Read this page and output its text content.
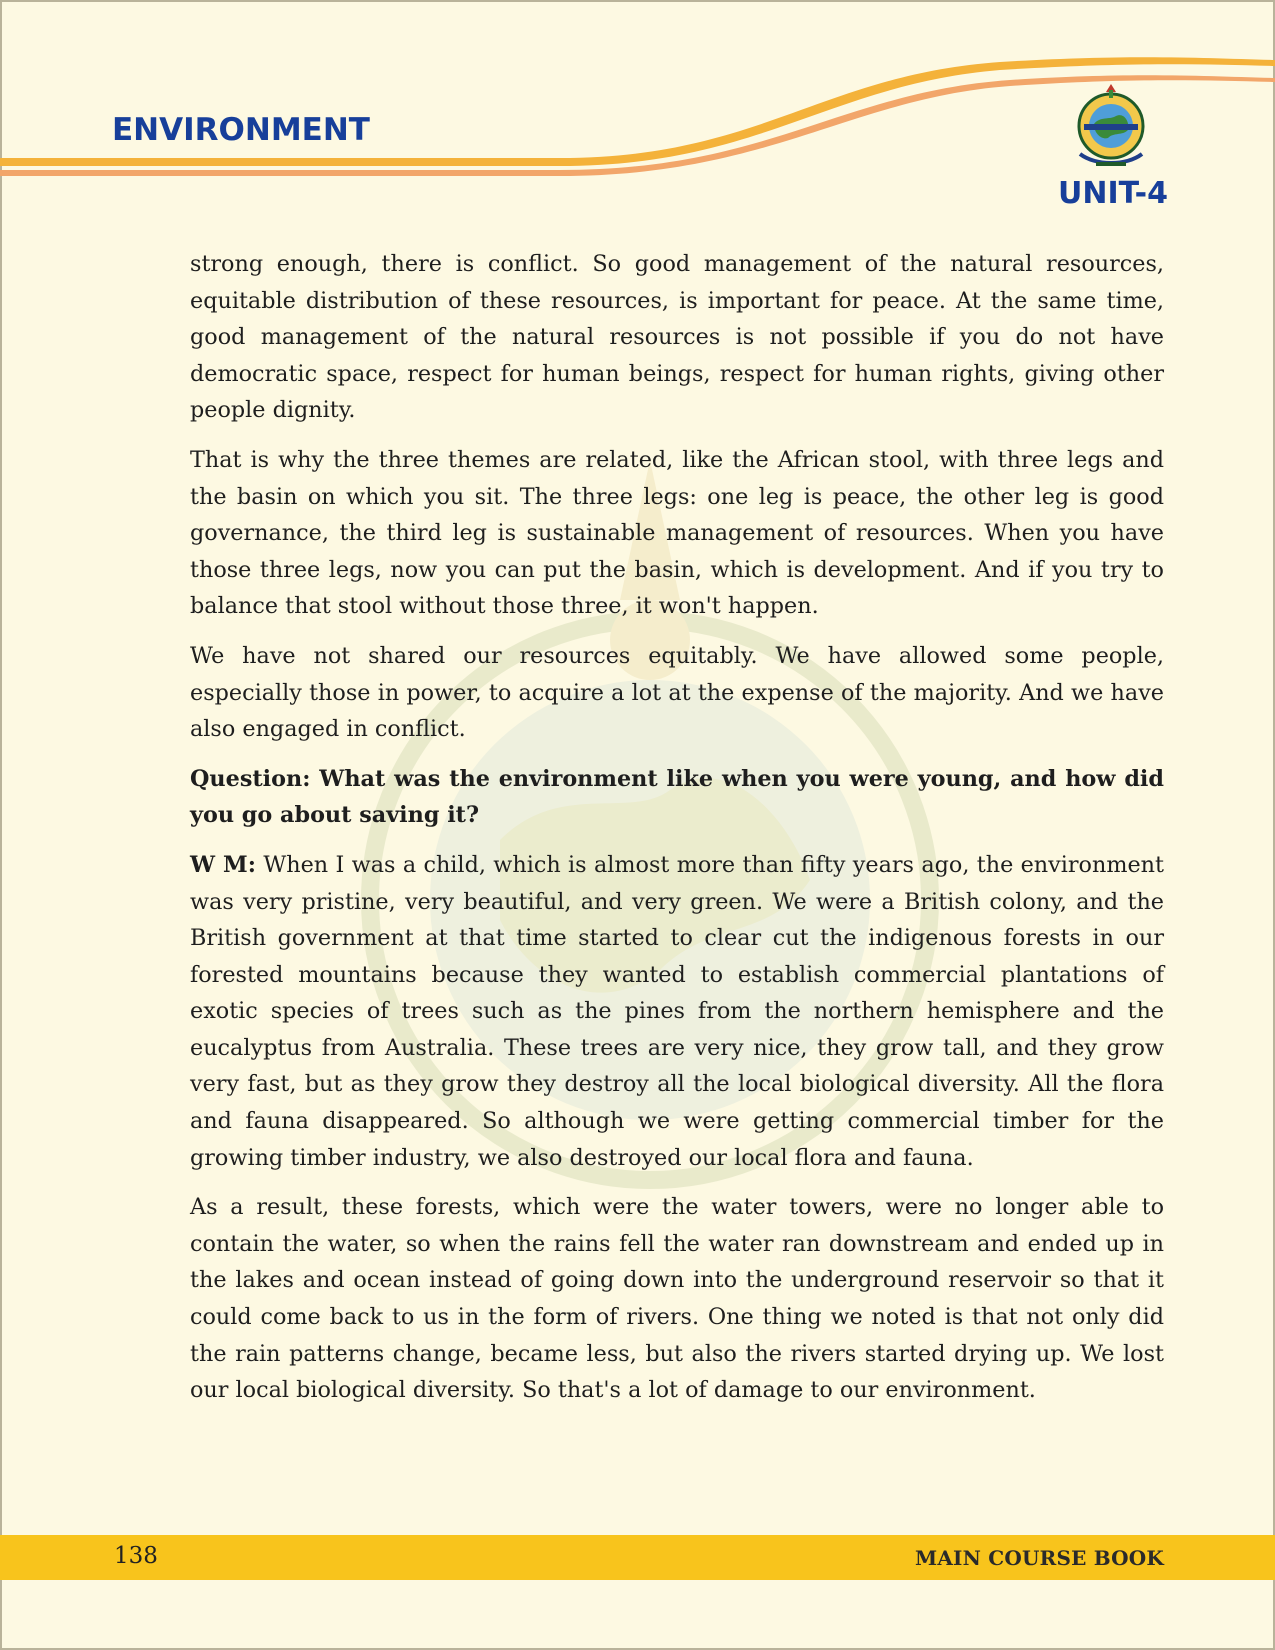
ENVIRONMENT
UNIT-4

strong enough, there is conflict. So good management of the natural resources, equitable distribution of these resources, is important for peace. At the same time, good management of the natural resources is not possible if you do not have democratic space, respect for human beings, respect for human rights, giving other people dignity.

That is why the three themes are related, like the African stool, with three legs and the basin on which you sit. The three legs: one leg is peace, the other leg is good governance, the third leg is sustainable management of resources. When you have those three legs, now you can put the basin, which is development. And if you try to balance that stool without those three, it won't happen.

We have not shared our resources equitably. We have allowed some people, especially those in power, to acquire a lot at the expense of the majority. And we have also engaged in conflict.

Question: What was the environment like when you were young, and how did you go about saving it?

W M: When I was a child, which is almost more than fifty years ago, the environment was very pristine, very beautiful, and very green. We were a British colony, and the British government at that time started to clear cut the indigenous forests in our forested mountains because they wanted to establish commercial plantations of exotic species of trees such as the pines from the northern hemisphere and the eucalyptus from Australia. These trees are very nice, they grow tall, and they grow very fast, but as they grow they destroy all the local biological diversity. All the flora and fauna disappeared. So although we were getting commercial timber for the growing timber industry, we also destroyed our local flora and fauna.

As a result, these forests, which were the water towers, were no longer able to contain the water, so when the rains fell the water ran downstream and ended up in the lakes and ocean instead of going down into the underground reservoir so that it could come back to us in the form of rivers. One thing we noted is that not only did the rain patterns change, became less, but also the rivers started drying up. We lost our local biological diversity. So that's a lot of damage to our environment.

138	MAIN COURSE BOOK
